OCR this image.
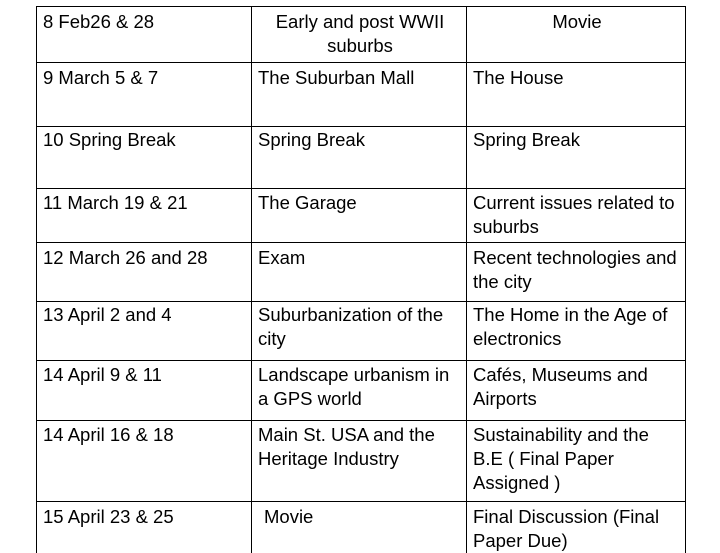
8 Feb26 & 28	Early and post WWII suburbs	Movie
9 March 5 & 7	The Suburban Mall	The House
10 Spring Break	Spring Break	Spring Break
11 March 19 & 21	The Garage	Current issues related to suburbs
12 March 26 and 28	Exam	Recent technologies and the city
13 April 2 and 4	Suburbanization of the city	The Home in the Age of electronics
14 April 9 & 11	Landscape urbanism in a GPS world	Cafés, Museums and Airports
14 April 16 & 18	Main St. USA and the Heritage Industry	Sustainability and the B.E ( Final Paper Assigned )
15 April 23 & 25	Movie	Final Discussion (Final Paper Due)
